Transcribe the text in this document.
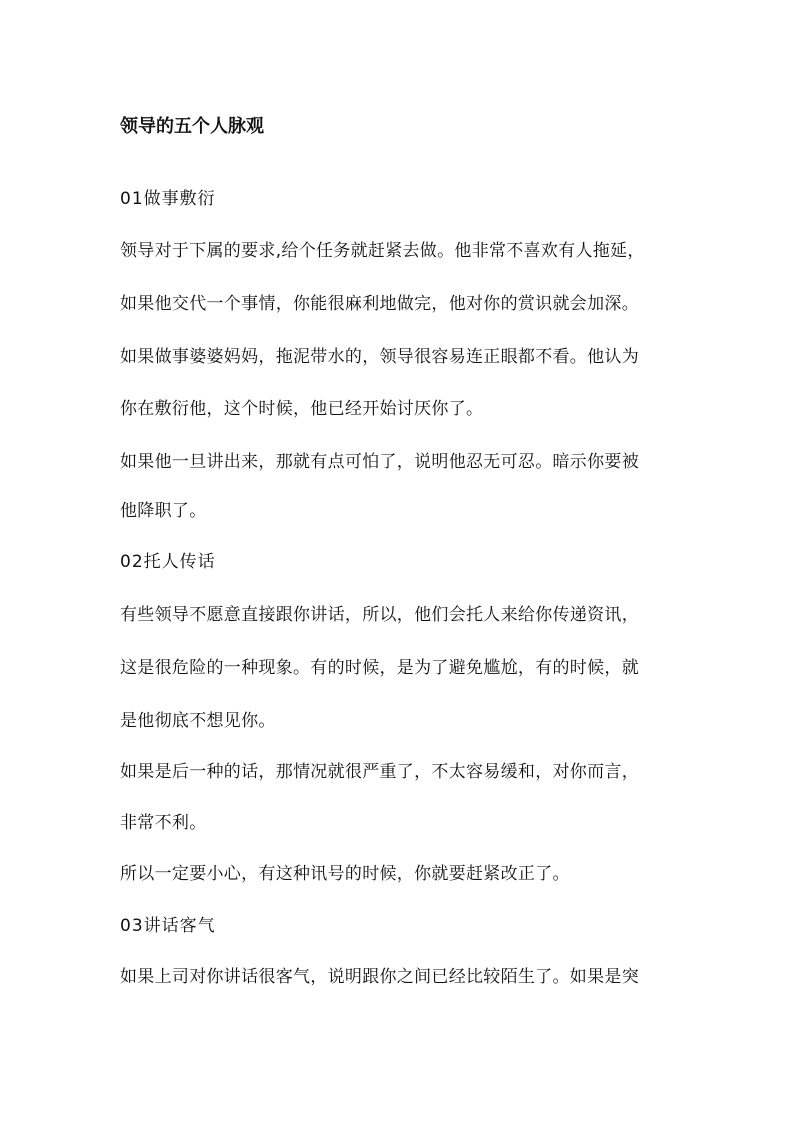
领导的五个人脉观
01做事敷衍
领导对于下属的要求,给个任务就赶紧去做。他非常不喜欢有人拖延，
如果他交代一个事情，你能很麻利地做完，他对你的赏识就会加深。
如果做事婆婆妈妈，拖泥带水的，领导很容易连正眼都不看。他认为
你在敷衍他，这个时候，他已经开始讨厌你了。
如果他一旦讲出来，那就有点可怕了，说明他忍无可忍。暗示你要被
他降职了。
02托人传话
有些领导不愿意直接跟你讲话，所以，他们会托人来给你传递资讯，
这是很危险的一种现象。有的时候，是为了避免尴尬，有的时候，就
是他彻底不想见你。
如果是后一种的话，那情况就很严重了，不太容易缓和，对你而言，
非常不利。
所以一定要小心，有这种讯号的时候，你就要赶紧改正了。
03讲话客气
如果上司对你讲话很客气，说明跟你之间已经比较陌生了。如果是突
